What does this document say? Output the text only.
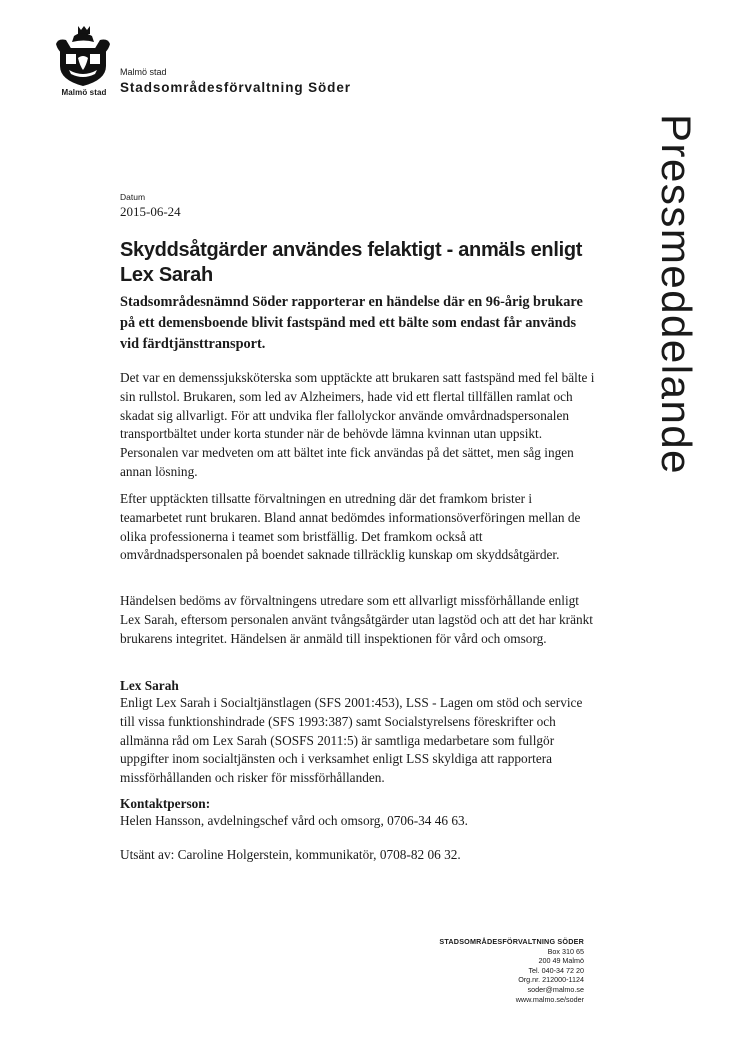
Malmö stad
Malmö stad
Stadsområdesförvaltning Söder
Pressmeddelande
Datum
2015-06-24
Skyddsåtgärder användes felaktigt - anmäls enligt Lex Sarah

Stadsområdesnämnd Söder rapporterar en händelse där en 96-årig brukare på ett demensboende blivit fastspänd med ett bälte som endast får används vid färdtjänsttransport.

Det var en demenssjuksköterska som upptäckte att brukaren satt fastspänd med fel bälte i sin rullstol. Brukaren, som led av Alzheimers, hade vid ett flertal tillfällen ramlat och skadat sig allvarligt. För att undvika fler fallolyckor använde omvårdnadspersonalen transportbältet under korta stunder när de behövde lämna kvinnan utan uppsikt. Personalen var medveten om att bältet inte fick användas på det sättet, men såg ingen annan lösning.

Efter upptäckten tillsatte förvaltningen en utredning där det framkom brister i teamarbetet runt brukaren. Bland annat bedömdes informationsöverföringen mellan de olika professionerna i teamet som bristfällig. Det framkom också att omvårdnadspersonalen på boendet saknade tillräcklig kunskap om skyddsåtgärder.

Händelsen bedöms av förvaltningens utredare som ett allvarligt missförhållande enligt Lex Sarah, eftersom personalen använt tvångsåtgärder utan lagstöd och att det har kränkt brukarens integritet. Händelsen är anmäld till inspektionen för vård och omsorg.

Lex Sarah

Enligt Lex Sarah i Socialtjänstlagen (SFS 2001:453), LSS - Lagen om stöd och service till vissa funktionshindrade (SFS 1993:387) samt Socialstyrelsens föreskrifter och allmänna råd om Lex Sarah (SOSFS 2011:5) är samtliga medarbetare som fullgör uppgifter inom socialtjänsten och i verksamhet enligt LSS skyldiga att rapportera missförhållanden och risker för missförhållanden.

Kontaktperson:

Helen Hansson, avdelningschef vård och omsorg, 0706-34 46 63.

Utsänt av: Caroline Holgerstein, kommunikatör, 0708-82 06 32.

STADSOMRÅDESFÖRVALTNING SÖDER
Box 310 65
200 49 Malmö
Tel. 040-34 72 20
Org.nr. 212000-1124
soder@malmo.se
www.malmo.se/soder
